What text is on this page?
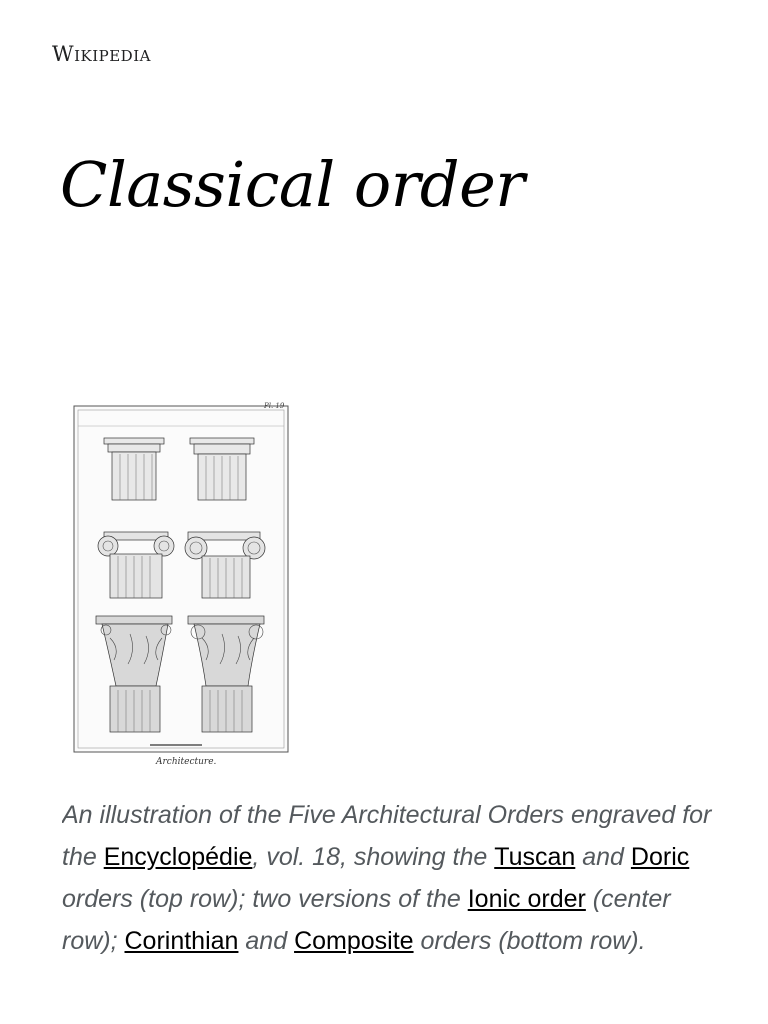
Wikipedia
Classical order
Pl. 19
Architecture.
An illustration of the Five Architectural Orders engraved for the Encyclopédie, vol. 18, showing the Tuscan and Doric orders (top row); two versions of the Ionic order (center row); Corinthian and Composite orders (bottom row).
